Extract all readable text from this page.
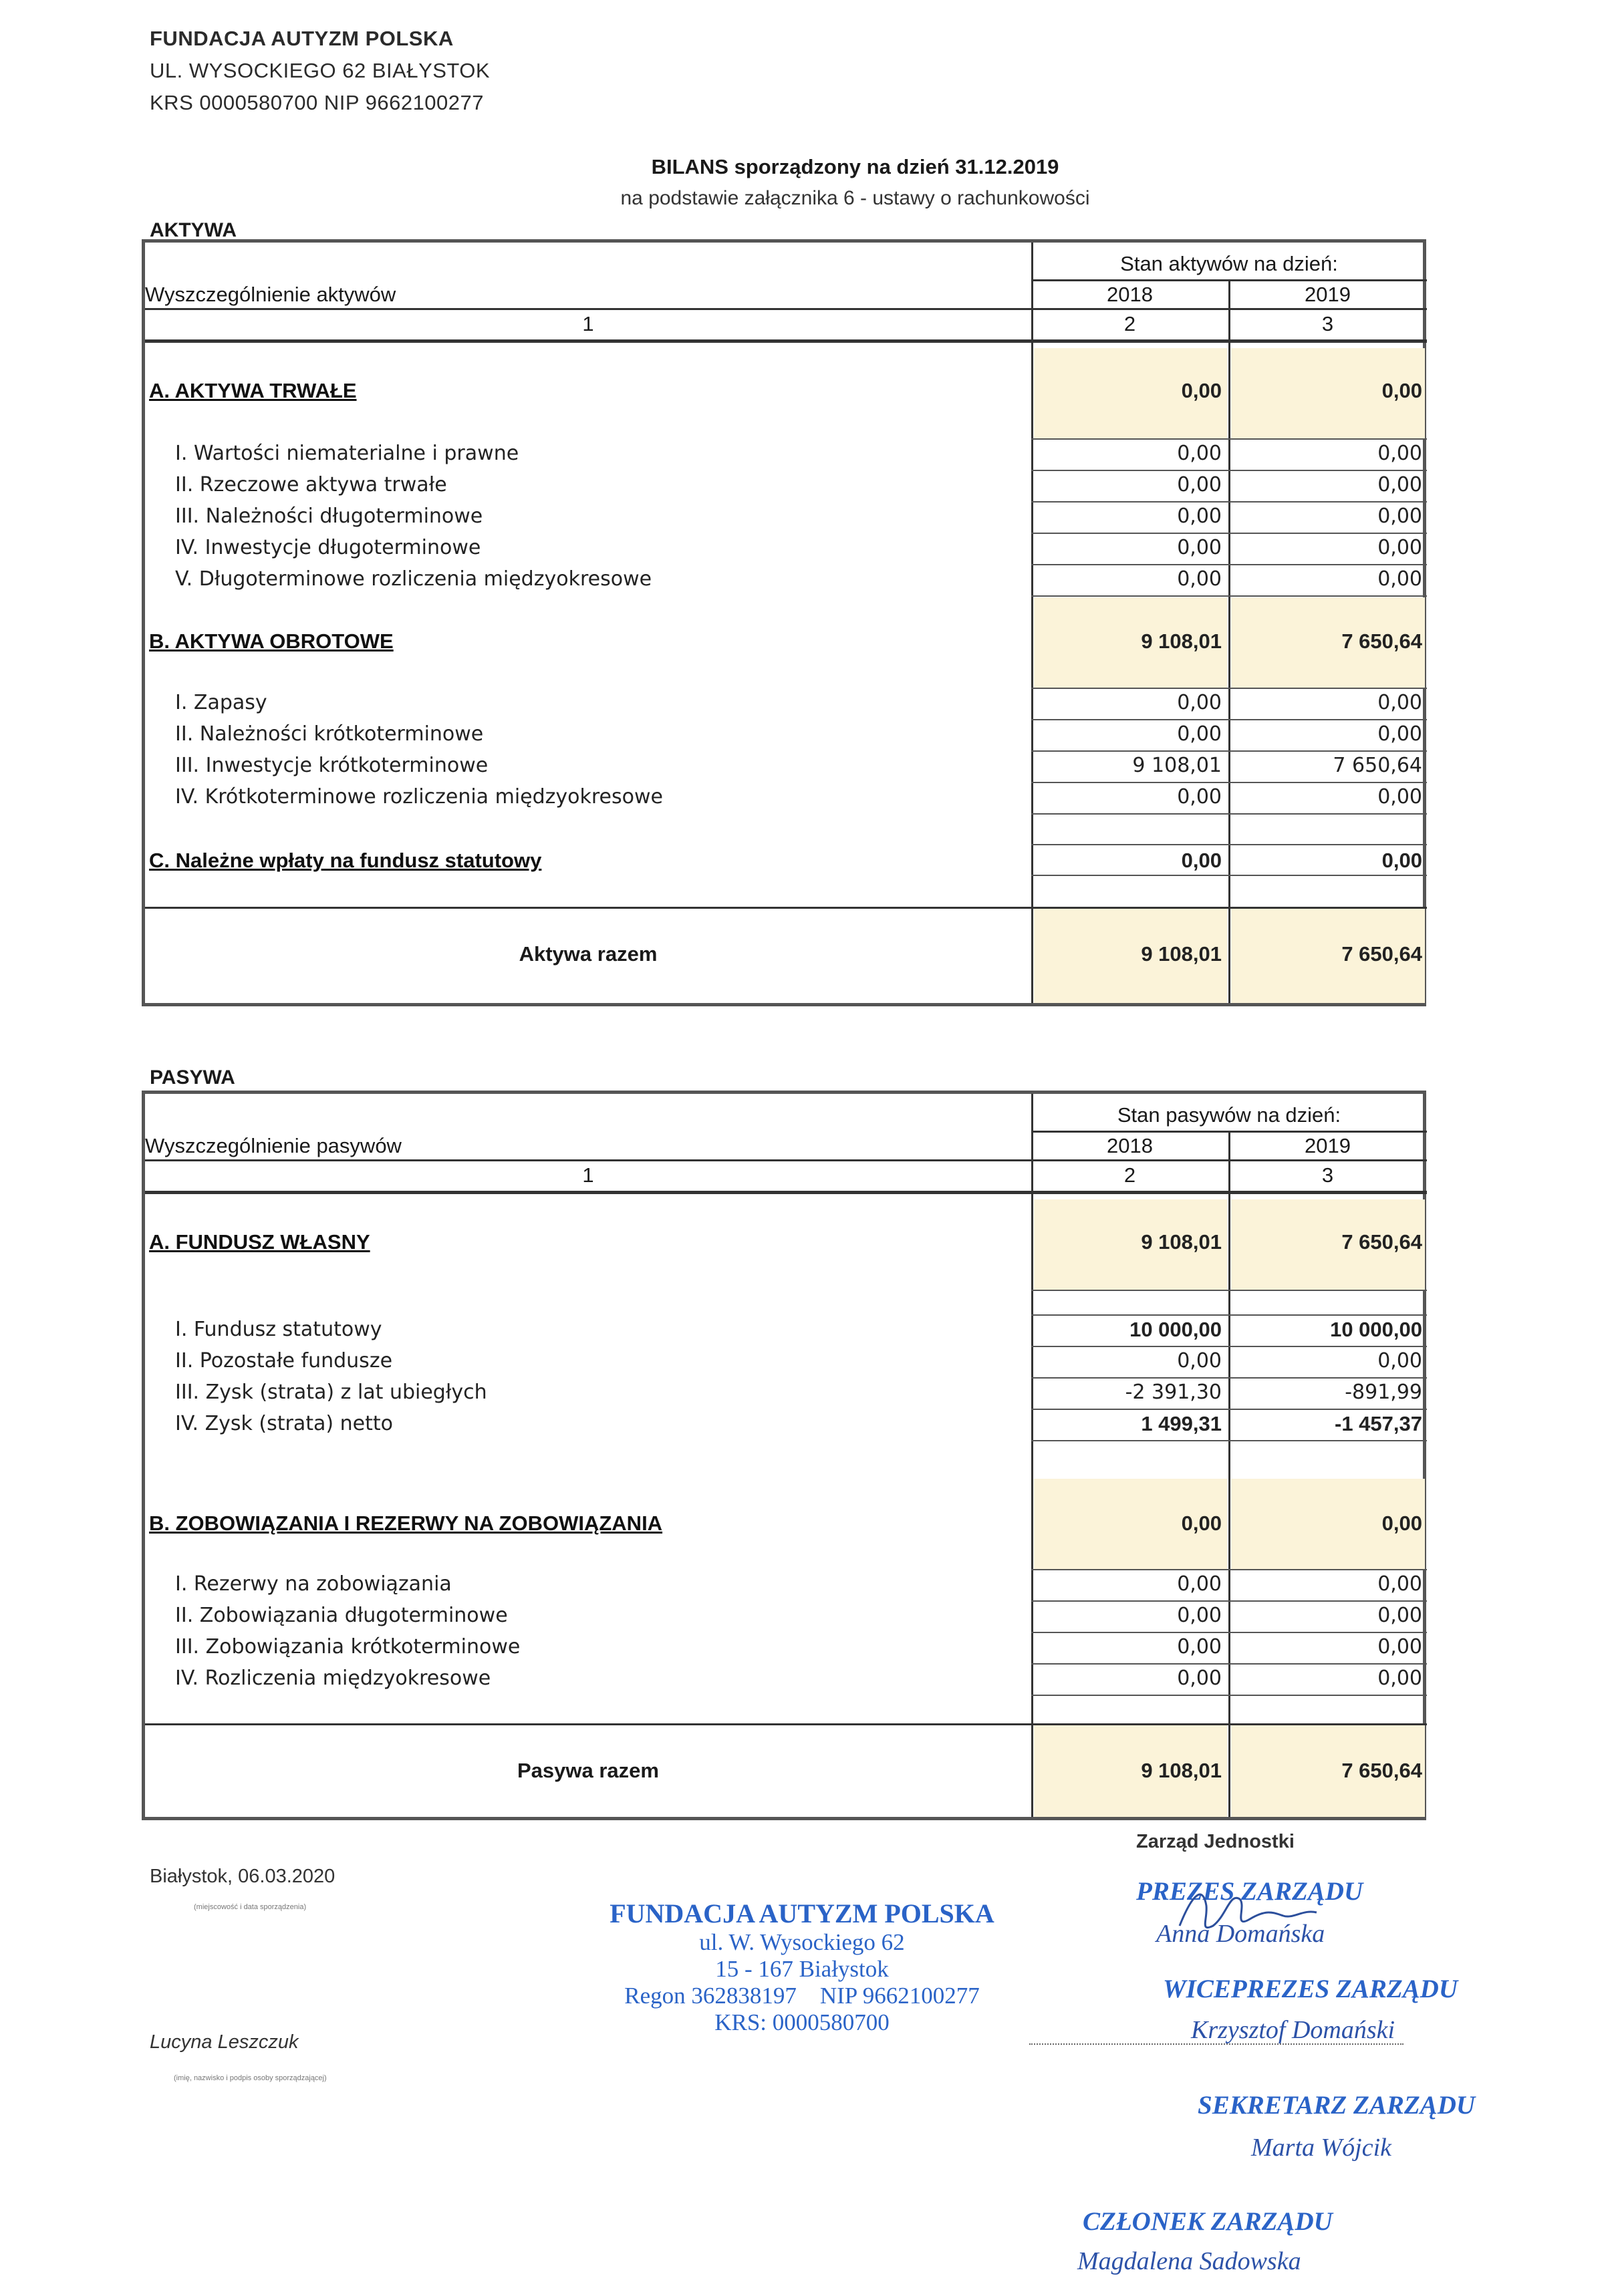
FUNDACJA AUTYZM POLSKA
UL. WYSOCKIEGO 62 BIAŁYSTOK
KRS 0000580700 NIP 9662100277
BILANS sporządzony na dzień 31.12.2019
na podstawie załącznika 6 - ustawy o rachunkowości
AKTYWA
Stan aktywów na dzień:
Wyszczególnienie aktywów	2018	2019
1	2	3
A. AKTYWA TRWAŁE	0,00	0,00
I. Wartości niematerialne i prawne	0,00	0,00
II. Rzeczowe aktywa trwałe	0,00	0,00
III. Należności długoterminowe	0,00	0,00
IV. Inwestycje długoterminowe	0,00	0,00
V. Długoterminowe rozliczenia międzyokresowe	0,00	0,00
B. AKTYWA OBROTOWE	9 108,01	7 650,64
I. Zapasy	0,00	0,00
II. Należności krótkoterminowe	0,00	0,00
III. Inwestycje krótkoterminowe	9 108,01	7 650,64
IV. Krótkoterminowe rozliczenia międzyokresowe	0,00	0,00
C. Należne wpłaty na fundusz statutowy	0,00	0,00
Aktywa razem	9 108,01	7 650,64
PASYWA
Stan pasywów na dzień:
Wyszczególnienie pasywów	2018	2019
1	2	3
A. FUNDUSZ WŁASNY	9 108,01	7 650,64
I. Fundusz statutowy	10 000,00	10 000,00
II. Pozostałe fundusze	0,00	0,00
III. Zysk (strata) z lat ubiegłych	-2 391,30	-891,99
IV. Zysk (strata) netto	1 499,31	-1 457,37
B. ZOBOWIĄZANIA I REZERWY NA ZOBOWIĄZANIA	0,00	0,00
I. Rezerwy na zobowiązania	0,00	0,00
II. Zobowiązania długoterminowe	0,00	0,00
III. Zobowiązania krótkoterminowe	0,00	0,00
IV. Rozliczenia międzyokresowe	0,00	0,00
Pasywa razem	9 108,01	7 650,64
Zarząd Jednostki
Białystok, 06.03.2020
(miejscowość i data sporządzenia)
Lucyna Leszczuk
(imię, nazwisko i podpis osoby sporządzającej)
FUNDACJA AUTYZM POLSKA
ul. W. Wysockiego 62
15 - 167 Białystok
Regon 362838197    NIP 9662100277
KRS: 0000580700
PREZES ZARZĄDU
Anna Domańska
WICEPREZES ZARZĄDU
Krzysztof Domański
SEKRETARZ ZARZĄDU
Marta Wójcik
CZŁONEK ZARZĄDU
Magdalena Sadowska
